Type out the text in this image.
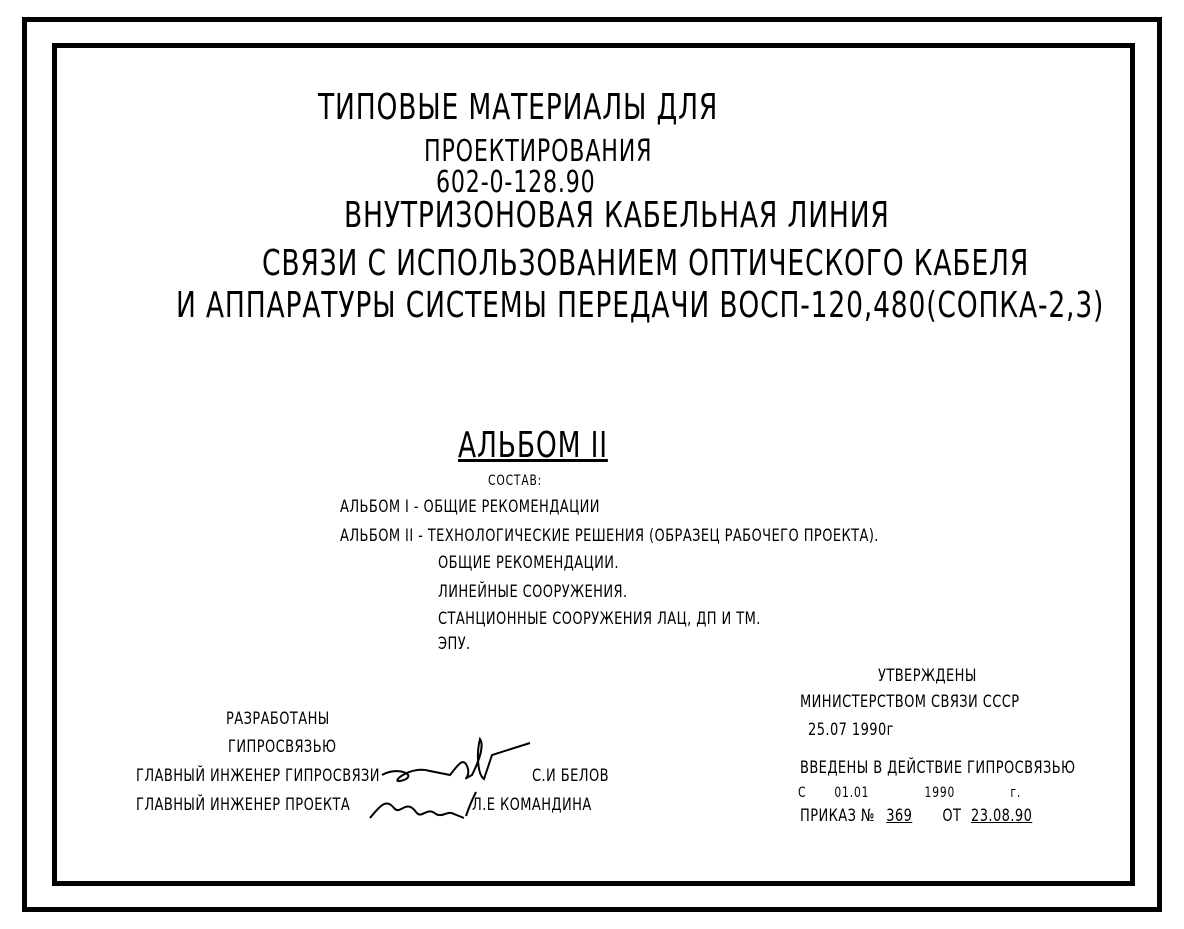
ТИПОВЫЕ МАТЕРИАЛЫ ДЛЯ
ПРОЕКТИРОВАНИЯ
602-0-128.90
ВНУТРИЗОНОВАЯ КАБЕЛЬНАЯ ЛИНИЯ
СВЯЗИ С ИСПОЛЬЗОВАНИЕМ ОПТИЧЕСКОГО КАБЕЛЯ
И АППАРАТУРЫ СИСТЕМЫ ПЕРЕДАЧИ ВОСП-120,480(СОПКА-2,3)
АЛЬБОМ II
СОСТАВ:
АЛЬБОМ I - ОБЩИЕ РЕКОМЕНДАЦИИ
АЛЬБОМ II - ТЕХНОЛОГИЧЕСКИЕ РЕШЕНИЯ (ОБРАЗЕЦ РАБОЧЕГО ПРОЕКТА).
ОБЩИЕ РЕКОМЕНДАЦИИ.
ЛИНЕЙНЫЕ СООРУЖЕНИЯ.
СТАНЦИОННЫЕ СООРУЖЕНИЯ ЛАЦ, ДП И ТМ.
ЭПУ.
УТВЕРЖДЕНЫ
МИНИСТЕРСТВОМ СВЯЗИ СССР
25.07 1990г
ВВЕДЕНЫ В ДЕЙСТВИЕ ГИПРОСВЯЗЬЮ
С 01.01	1990	г.
ПРИКАЗ № 369 ОТ 23.08.90
РАЗРАБОТАНЫ
ГИПРОСВЯЗЬЮ
ГЛАВНЫЙ ИНЖЕНЕР ГИПРОСВЯЗИ	С.И БЕЛОВ
ГЛАВНЫЙ ИНЖЕНЕР ПРОЕКТА	Л.Е КОМАНДИНА
